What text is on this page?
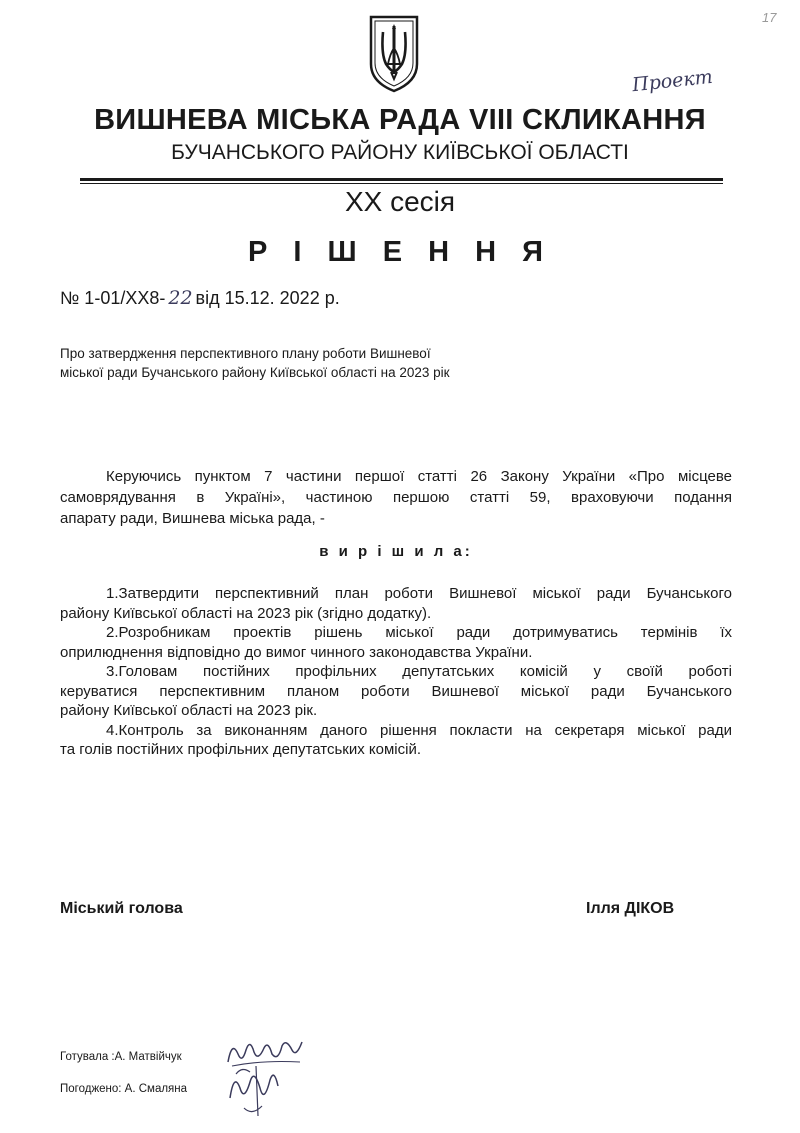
Проект
17
ВИШНЕВА МІСЬКА РАДА VIII СКЛИКАННЯ
БУЧАНСЬКОГО РАЙОНУ КИЇВСЬКОЇ ОБЛАСТІ
XX сесія
Р І Ш Е Н Н Я
№ 1-01/XX8- 22 від 15.12. 2022 р.
Про затвердження перспективного плану роботи Вишневої
міської ради Бучанського району Київської області на 2023 рік
Керуючись пунктом 7 частини першої статті 26 Закону України «Про місцеве
самоврядування в Україні», частиною першою статті 59, враховуючи подання
апарату ради, Вишнева міська рада, -
в и р і ш и л а:
1.Затвердити перспективний план роботи Вишневої міської ради Бучанського
району Київської області на 2023 рік (згідно додатку).
2.Розробникам проектів рішень міської ради дотримуватись термінів їх
оприлюднення відповідно до вимог чинного законодавства України.
3.Головам постійних профільних депутатських комісій у своїй роботі
керуватися перспективним планом роботи Вишневої міської ради Бучанського
району Київської області на 2023 рік.
4.Контроль за виконанням даного рішення покласти на секретаря міської ради
та голів постійних профільних депутатських комісій.
Міський голова	Ілля ДІКОВ
Готувала :А. Матвійчук
Погоджено: А. Смаляна
